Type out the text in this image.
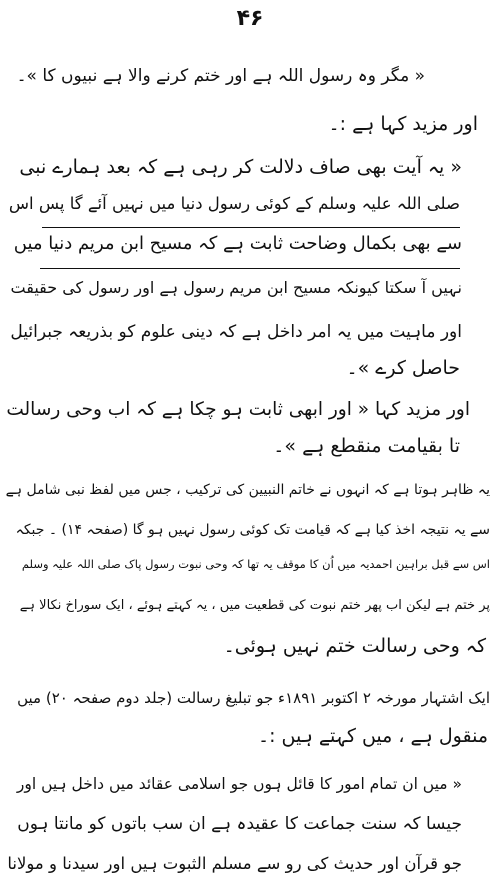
۴۶
« مگر وہ رسول اللہ ہے اور ختم کرنے والا ہے نبیوں کا »۔
اور مزید کہا ہے :۔
« یہ آیت بھی صاف دلالت کر رہی ہے کہ بعد ہمارے نبی
صلی اللہ علیہ وسلم کے کوئی رسول دنیا میں نہیں آئے گا پس اس
سے بھی بکمال وضاحت ثابت ہے کہ مسیح ابن مریم دنیا میں
نہیں آ سکتا کیونکہ مسیح ابن مریم رسول ہے اور رسول کی حقیقت
اور ماہیت میں یہ امر داخل ہے کہ دینی علوم کو بذریعہ جبرائیل
حاصل کرے »۔
اور مزید کہا « اور ابھی ثابت ہو چکا ہے کہ اب وحی رسالت
تا بقیامت منقطع ہے »۔
یہ ظاہر ہوتا ہے کہ انہوں نے خاتم النبیین کی ترکیب ، جس میں لفظ نبی شامل ہے
سے یہ نتیجہ اخذ کیا ہے کہ قیامت تک کوئی رسول نہیں ہو گا (صفحہ ۱۴) ۔ جبکہ
اس سے قبل براہین احمدیہ میں اُن کا موقف یہ تھا کہ وحی نبوت رسول پاک صلی اللہ علیہ وسلم
پر ختم ہے لیکن اب پھر ختم نبوت کی قطعیت میں ، یہ کہتے ہوئے ، ایک سوراخ نکالا ہے
کہ وحی رسالت ختم نہیں ہوئی۔
ایک اشتہار مورخہ ۲ اکتوبر ۱۸۹۱ء جو تبلیغ رسالت (جلد دوم صفحہ ۲۰) میں
منقول ہے ، میں کہتے ہیں :۔
« میں ان تمام امور کا قائل ہوں جو اسلامی عقائد میں داخل ہیں اور
جیسا کہ سنت جماعت کا عقیدہ ہے ان سب باتوں کو مانتا ہوں
جو قرآن اور حدیث کی رو سے مسلم الثبوت ہیں اور سیدنا و مولانا
